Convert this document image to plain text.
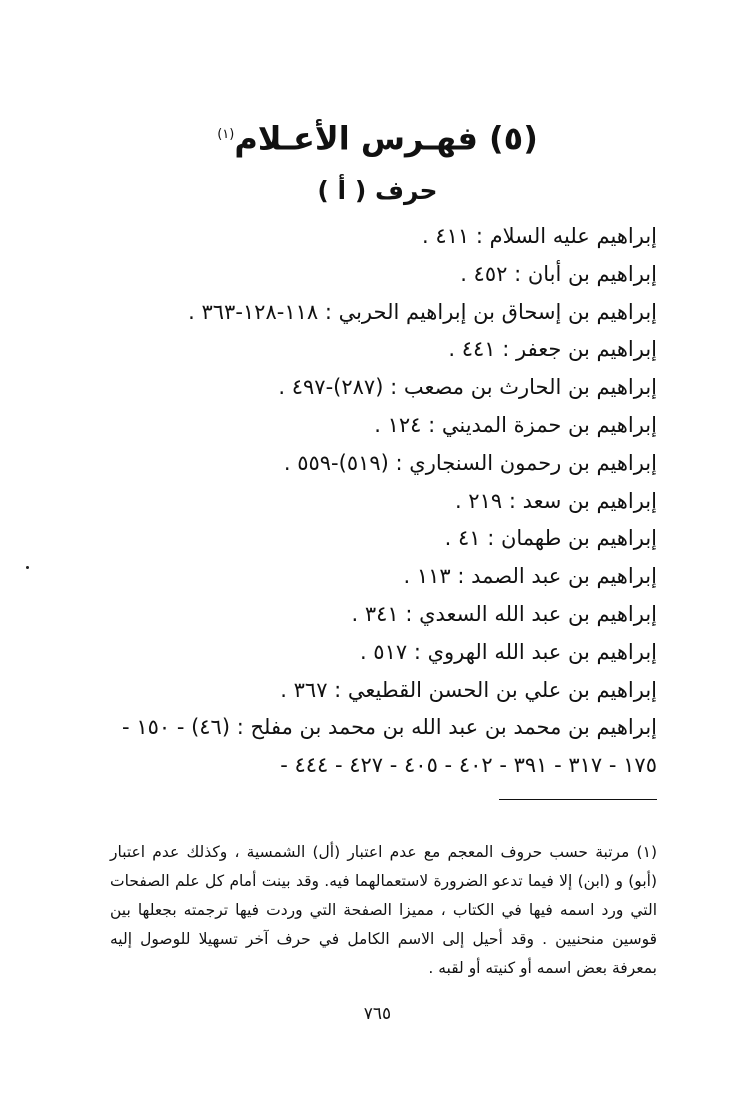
(٥) فهـرس الأعـلام$^{(١)}$
حرف ( أ )
إبراهيم عليه السلام : ٤١١ .
إبراهيم بن أبان : ٤٥٢ .
إبراهيم بن إسحاق بن إبراهيم الحربي : ١١٨-١٢٨-٣٦٣ .
إبراهيم بن جعفر : ٤٤١ .
إبراهيم بن الحارث بن مصعب : (٢٨٧)-٤٩٧ .
إبراهيم بن حمزة المديني : ١٢٤ .
إبراهيم بن رحمون السنجاري : (٥١٩)-٥٥٩ .
إبراهيم بن سعد : ٢١٩ .
إبراهيم بن طهمان : ٤١ .
إبراهيم بن عبد الصمد : ١١٣ .
إبراهيم بن عبد الله السعدي : ٣٤١ .
إبراهيم بن عبد الله الهروي : ٥١٧ .
إبراهيم بن علي بن الحسن القطيعي : ٣٦٧ .
إبراهيم بن محمد بن عبد الله بن محمد بن مفلح : (٤٦) - ١٥٠ -
١٧٥ - ٣١٧ - ٣٩١ - ٤٠٢ - ٤٠٥ - ٤٢٧ - ٤٤٤ -

(١) مرتبة حسب حروف المعجم مع عدم اعتبار (أل) الشمسية ، وكذلك عدم اعتبار (أبو) و (ابن) إلا فيما تدعو الضرورة لاستعمالهما فيه. وقد بينت أمام كل علم الصفحات التي ورد اسمه فيها في الكتاب ، مميزا الصفحة التي وردت فيها ترجمته بجعلها بين قوسين منحنيين . وقد أحيل إلى الاسم الكامل في حرف آخر تسهيلا للوصول إليه بمعرفة بعض اسمه أو كنيته أو لقبه .

٧٦٥
